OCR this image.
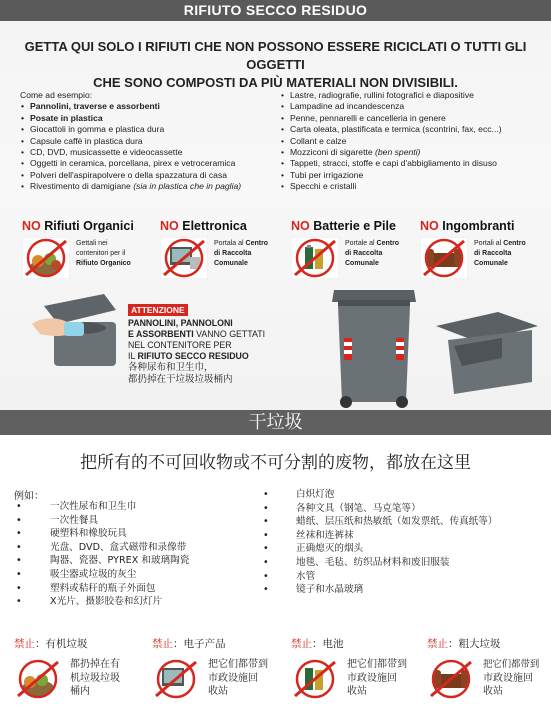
RIFIUTO SECCO RESIDUO
GETTA QUI SOLO I RIFIUTI CHE NON POSSONO ESSERE RICICLATI O TUTTI GLI OGGETTI
CHE SONO COMPOSTI DA PIÙ MATERIALI NON DIVISIBILI.
Come ad esempio:
• Pannolini, traverse e assorbenti
• Posate in plastica
• Giocattoli in gomma e plastica dura
• Capsule caffè in plastica dura
• CD, DVD, musicassette e videocassette
• Oggetti in ceramica, porcellana, pirex e vetroceramica
• Polveri dell'aspirapolvere o della spazzatura di casa
• Rivestimento di damigiane (sia in plastica che in paglia)
• Lastre, radiografie, rullini fotografici e diapositive
• Lampadine ad incandescenza
• Penne, pennarelli e cancelleria in genere
• Carta oleata, plastificata e termica (scontrini, fax, ecc...)
• Collant e calze
• Mozziconi di sigarette (ben spenti)
• Tappeti, stracci, stoffe e capi d'abbigliamento in disuso
• Tubi per irrigazione
• Specchi e cristalli
NO Rifiuti Organici
Gettali nei
contenitori per il
Rifiuto Organico
NO Elettronica
Portala al Centro
di Raccolta
Comunale
NO Batterie e Pile
Portale al Centro
di Raccolta
Comunale
NO Ingombranti
Portali al Centro
di Raccolta
Comunale
ATTENZIONE
PANNOLINI, PANNOLONI
E ASSORBENTI VANNO GETTATI
NEL CONTENITORE PER
IL RIFIUTO SECCO RESIDUO
各种尿布和卫生巾，
都扔掉在干垃圾垃圾桶内
干垃圾
把所有的不可回收物或不可分割的废物，都放在这里
例如：
•	一次性尿布和卫生巾
•	一次性餐具
•	硬塑料和橡胶玩具
•	光盘、DVD、盒式磁带和录像带
•	陶器、瓷器、PYREX 和玻璃陶瓷
•	吸尘器或垃圾的灰尘
•	塑料或秸秆的瓶子外面包
•	X光片、摄影胶卷和幻灯片
•	白炽灯泡
•	各种文具（钢笔、马克笔等）
•	蜡纸、层压纸和热敏纸（如发票纸、传真纸等）
•	丝袜和连裤袜
•	正确熄灭的烟头
•	地毯、毛毡、纺织品材料和废旧服装
•	水管
•	镜子和水晶玻璃
禁止：有机垃圾
都扔掉在有
机垃圾垃圾
桶内
禁止：电子产品
把它们都带到
市政设施回
收站
禁止：电池
把它们都带到
市政设施回
收站
禁止：粗大垃圾
把它们都带到
市政设施回
收站
